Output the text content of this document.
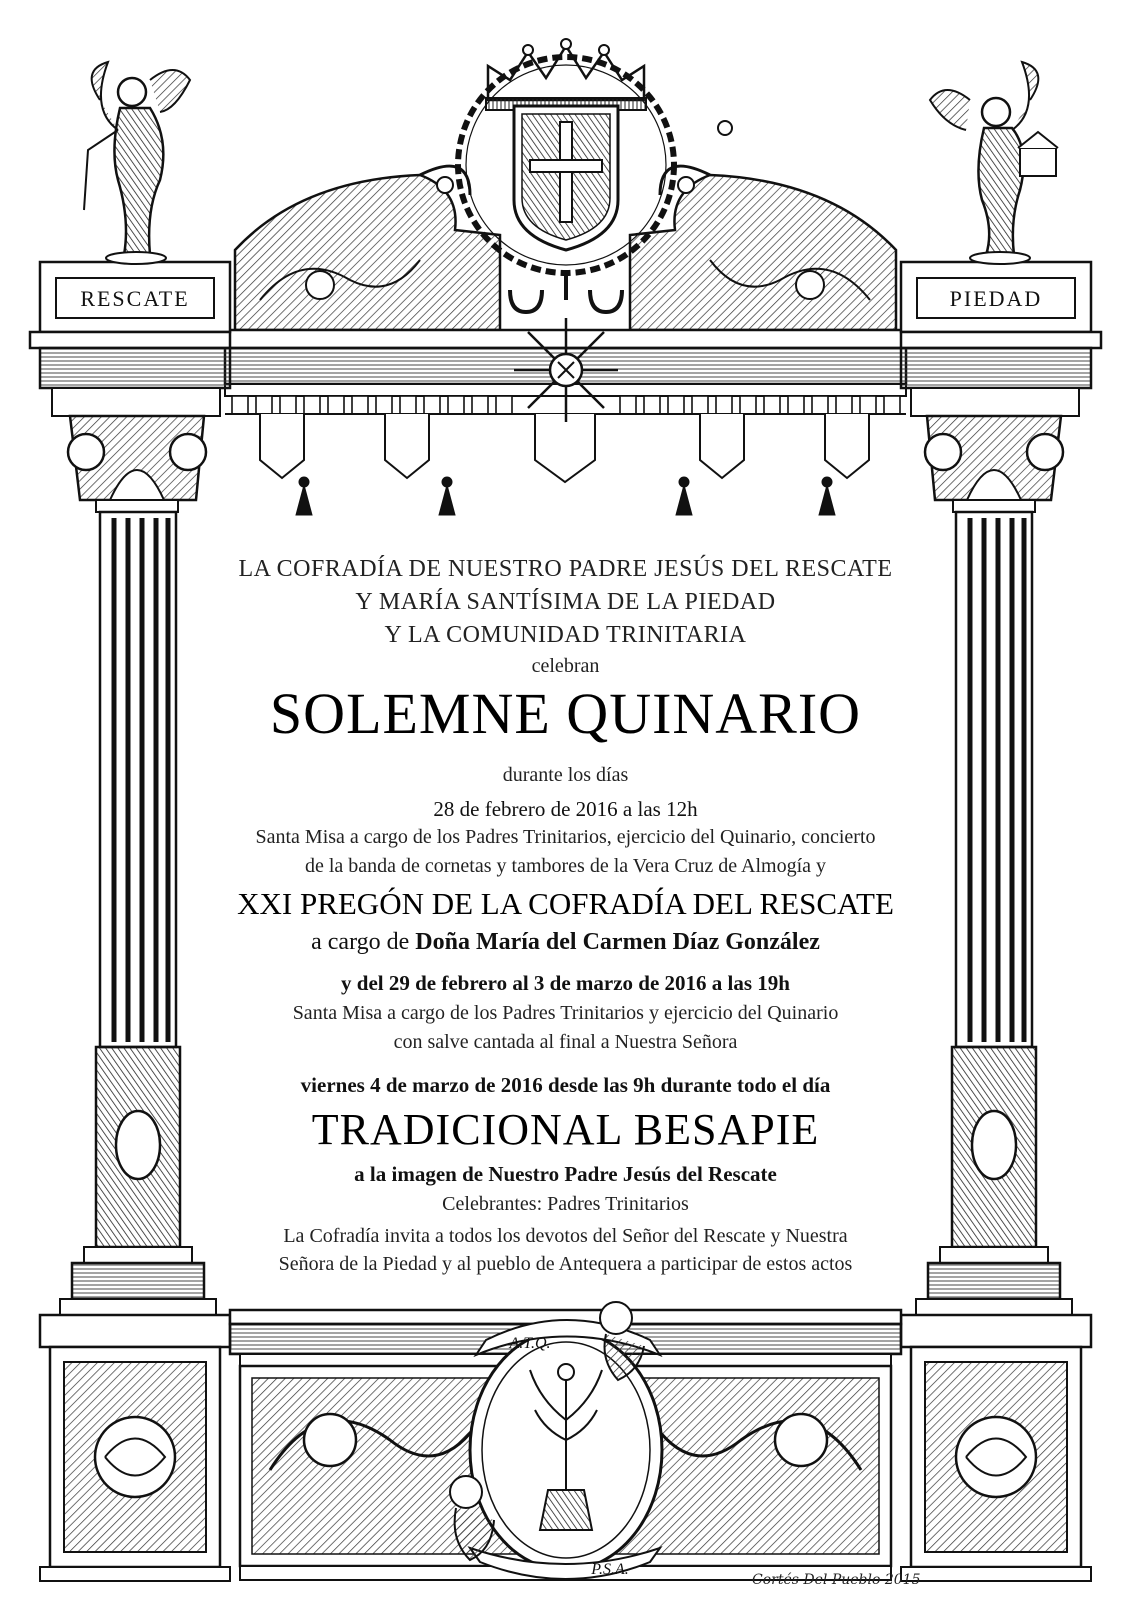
RESCATE	PIEDAD
A.T.Q.
P.S.A.
LA COFRADÍA DE NUESTRO PADRE JESÚS DEL RESCATE
Y MARÍA SANTÍSIMA DE LA PIEDAD
Y LA COMUNIDAD TRINITARIA
celebran
SOLEMNE QUINARIO
durante los días
28 de febrero de 2016 a las 12h
Santa Misa a cargo de los Padres Trinitarios, ejercicio del Quinario, concierto
de la banda de cornetas y tambores de la Vera Cruz de Almogía y
XXI PREGÓN DE LA COFRADÍA DEL RESCATE
a cargo de Doña María del Carmen Díaz González
y del 29 de febrero al 3 de marzo de 2016 a las 19h
Santa Misa a cargo de los Padres Trinitarios y ejercicio del Quinario
con salve cantada al final a Nuestra Señora
viernes 4 de marzo de 2016 desde las 9h durante todo el día
TRADICIONAL BESAPIE
a la imagen de Nuestro Padre Jesús del Rescate
Celebrantes: Padres Trinitarios
La Cofradía invita a todos los devotos del Señor del Rescate y Nuestra
Señora de la Piedad y al pueblo de Antequera a participar de estos actos
Cortés Del Pueblo 2015
